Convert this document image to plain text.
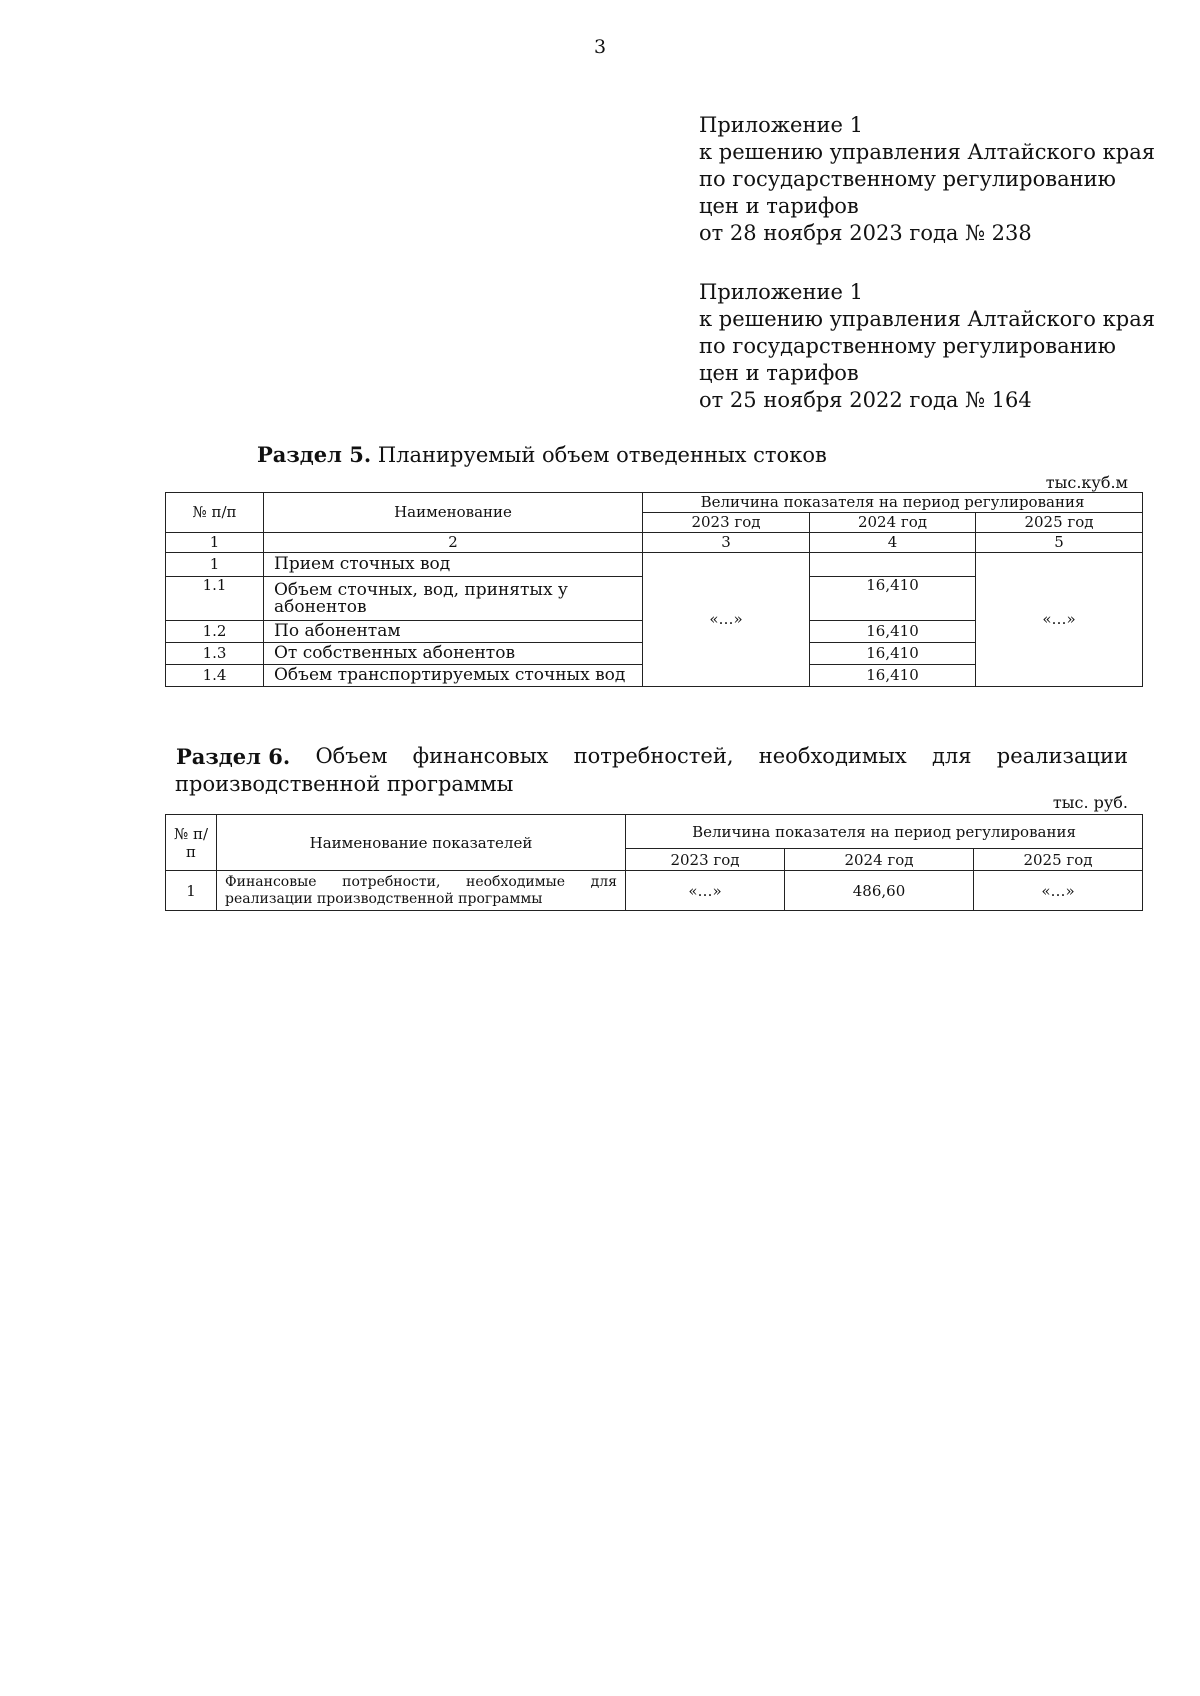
3
Приложение 1
к решению управления Алтайского края
по государственному регулированию
цен и тарифов
от 28 ноября 2023 года № 238
Приложение 1
к решению управления Алтайского края
по государственному регулированию
цен и тарифов
от 25 ноября 2022 года № 164
Раздел 5. Планируемый объем отведенных стоков
тыс.куб.м
№ п/п	Наименование	Величина показателя на период регулирования		
		2023 год	2024 год	2025 год
1	2	3	4	5
1	Прием сточных вод	«…»		«…»
1.1	Объем сточных, вод, принятых у абонентов		16,410	
1.2	По абонентам		16,410	
1.3	От собственных абонентов		16,410	
1.4	Объем транспортируемых сточных вод		16,410	
Раздел 6. Объем финансовых потребностей, необходимых для реализации
производственной программы
тыс. руб.
№ п/п	Наименование показателей	Величина показателя на период регулирования		
		2023 год	2024 год	2025 год
1	Финансовые потребности, необходимые для реализации производственной программы	«…»	486,60	«…»
